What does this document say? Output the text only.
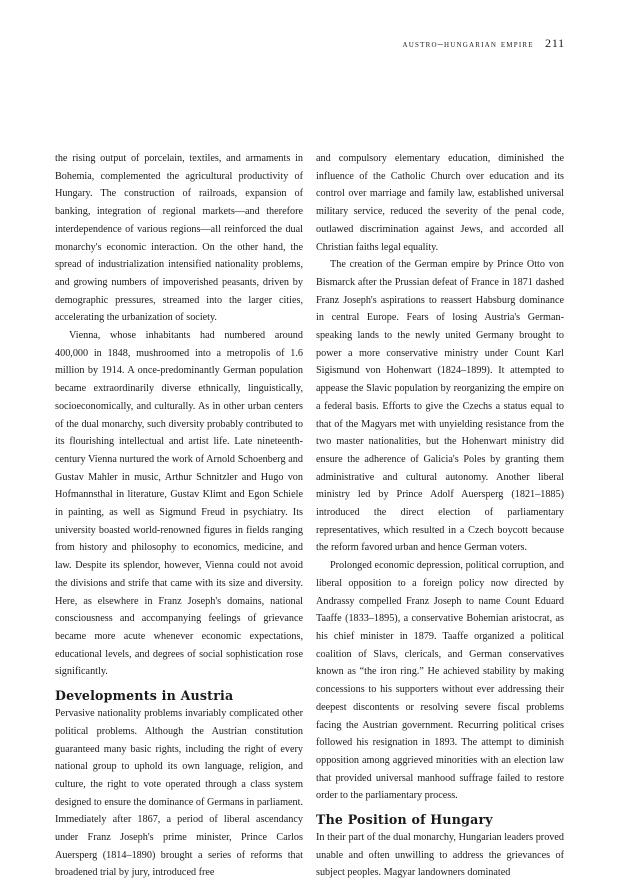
austro–hungarian empire 211

the rising output of porcelain, textiles, and armaments in Bohemia, complemented the agricultural productivity of Hungary. The construction of railroads, expansion of banking, integration of regional markets—and therefore interdependence of various regions—all reinforced the dual monarchy's economic interaction. On the other hand, the spread of industrialization intensified nationality problems, and growing numbers of impoverished peasants, driven by demographic pressures, streamed into the larger cities, accelerating the urbanization of society.

Vienna, whose inhabitants had numbered around 400,000 in 1848, mushroomed into a metropolis of 1.6 million by 1914. A once-predominantly German population became extraordinarily diverse ethnically, linguistically, socioeconomically, and culturally. As in other urban centers of the dual monarchy, such diversity probably contributed to its flourishing intellectual and artist life. Late nineteenth-century Vienna nurtured the work of Arnold Schoenberg and Gustav Mahler in music, Arthur Schnitzler and Hugo von Hofmannsthal in literature, Gustav Klimt and Egon Schiele in painting, as well as Sigmund Freud in psychiatry. Its university boasted world-renowned figures in fields ranging from history and philosophy to economics, medicine, and law. Despite its splendor, however, Vienna could not avoid the divisions and strife that came with its size and diversity. Here, as elsewhere in Franz Joseph's domains, national consciousness and accompanying feelings of grievance became more acute whenever economic expectations, educational levels, and degrees of social sophistication rose significantly.

Developments in Austria

Pervasive nationality problems invariably complicated other political problems. Although the Austrian constitution guaranteed many basic rights, including the right of every national group to uphold its own language, religion, and culture, the right to vote operated through a class system designed to ensure the dominance of Germans in parliament. Immediately after 1867, a period of liberal ascendancy under Franz Joseph's prime minister, Prince Carlos Auersperg (1814–1890) brought a series of reforms that broadened trial by jury, introduced free

and compulsory elementary education, diminished the influence of the Catholic Church over education and its control over marriage and family law, established universal military service, reduced the severity of the penal code, outlawed discrimination against Jews, and accorded all Christian faiths legal equality.

The creation of the German empire by Prince Otto von Bismarck after the Prussian defeat of France in 1871 dashed Franz Joseph's aspirations to reassert Habsburg dominance in central Europe. Fears of losing Austria's German-speaking lands to the newly united Germany brought to power a more conservative ministry under Count Karl Sigismund von Hohenwart (1824–1899). It attempted to appease the Slavic population by reorganizing the empire on a federal basis. Efforts to give the Czechs a status equal to that of the Magyars met with unyielding resistance from the two master nationalities, but the Hohenwart ministry did ensure the adherence of Galicia's Poles by granting them administrative and cultural autonomy. Another liberal ministry led by Prince Adolf Auersperg (1821–1885) introduced the direct election of parliamentary representatives, which resulted in a Czech boycott because the reform favored urban and hence German voters.

Prolonged economic depression, political corruption, and liberal opposition to a foreign policy now directed by Andrassy compelled Franz Joseph to name Count Eduard Taaffe (1833–1895), a conservative Bohemian aristocrat, as his chief minister in 1879. Taaffe organized a political coalition of Slavs, clericals, and German conservatives known as “the iron ring.” He achieved stability by making concessions to his supporters without ever addressing their deepest discontents or resolving severe fiscal problems facing the Austrian government. Recurring political crises followed his resignation in 1893. The attempt to diminish opposition among aggrieved minorities with an election law that provided universal manhood suffrage failed to restore order to the parliamentary process.

The Position of Hungary

In their part of the dual monarchy, Hungarian leaders proved unable and often unwilling to address the grievances of subject peoples. Magyar landowners dominated
